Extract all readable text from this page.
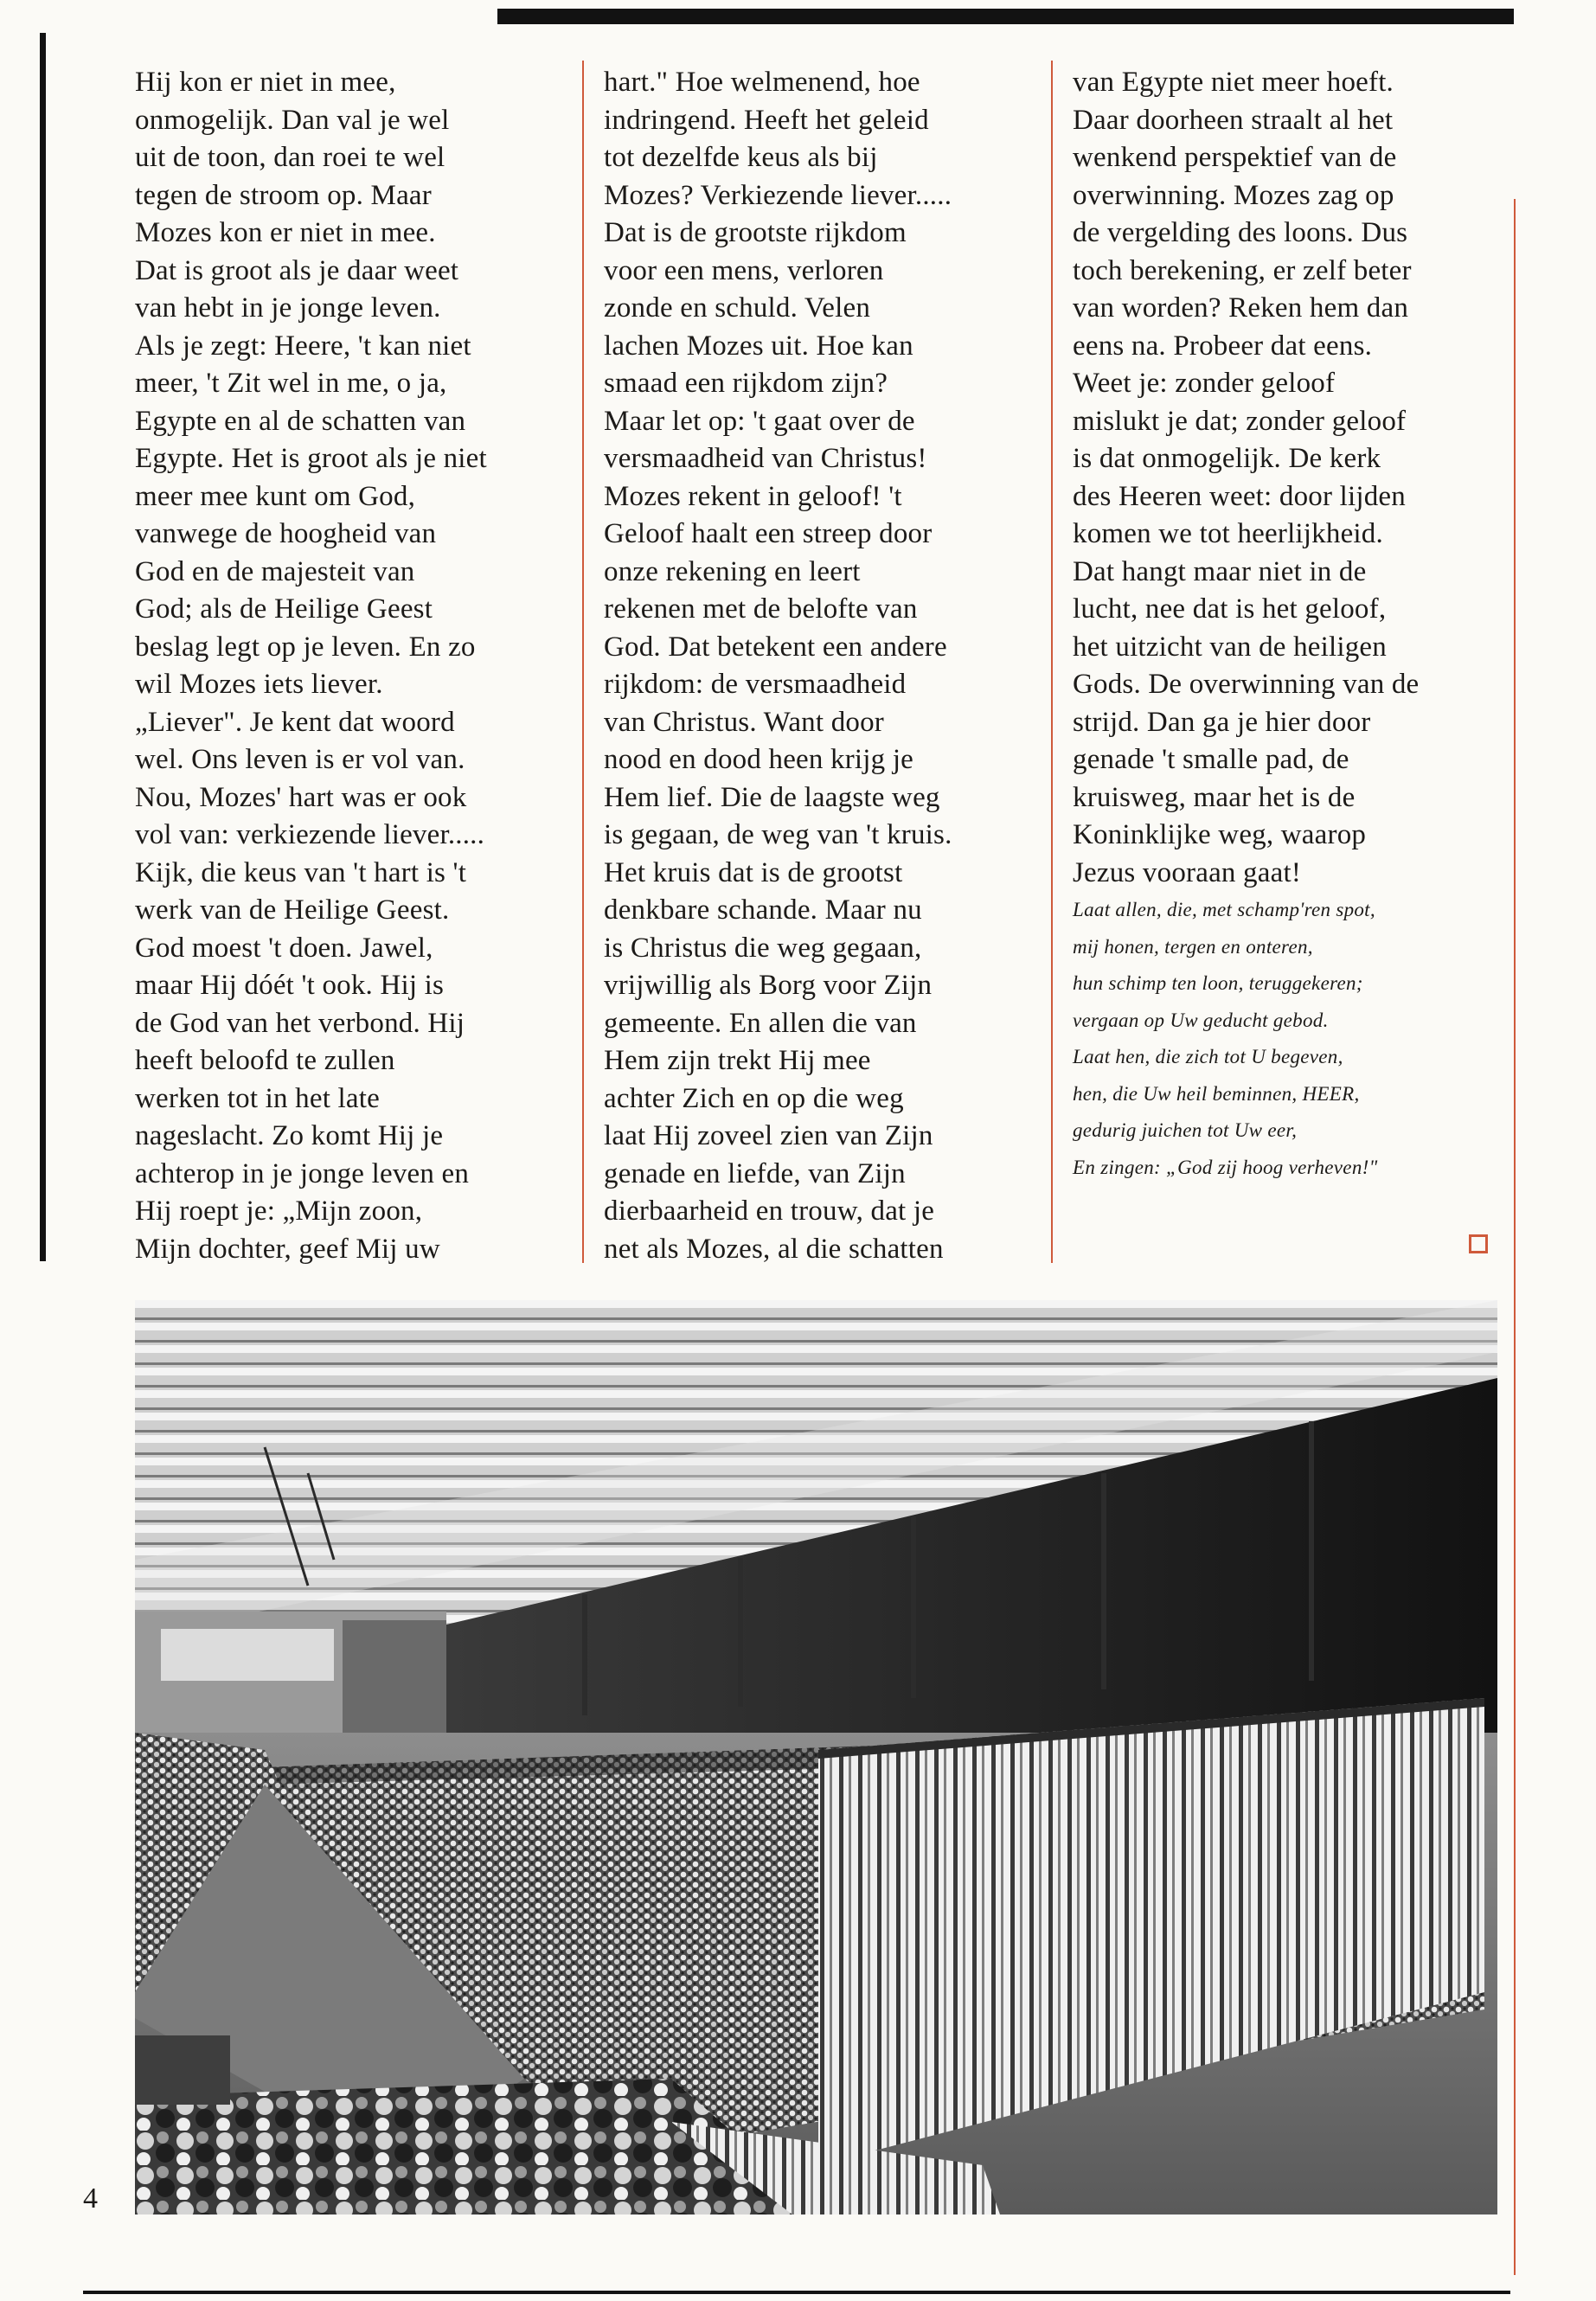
Hij kon er niet in mee,
onmogelijk. Dan val je wel
uit de toon, dan roei te wel
tegen de stroom op. Maar
Mozes kon er niet in mee.
Dat is groot als je daar weet
van hebt in je jonge leven.
Als je zegt: Heere, 't kan niet
meer, 't Zit wel in me, o ja,
Egypte en al de schatten van
Egypte. Het is groot als je niet
meer mee kunt om God,
vanwege de hoogheid van
God en de majesteit van
God; als de Heilige Geest
beslag legt op je leven. En zo
wil Mozes iets liever.
„Liever". Je kent dat woord
wel. Ons leven is er vol van.
Nou, Mozes' hart was er ook
vol van: verkiezende liever.....
Kijk, die keus van 't hart is 't
werk van de Heilige Geest.
God moest 't doen. Jawel,
maar Hij dóét 't ook. Hij is
de God van het verbond. Hij
heeft beloofd te zullen
werken tot in het late
nageslacht. Zo komt Hij je
achterop in je jonge leven en
Hij roept je: „Mijn zoon,
Mijn dochter, geef Mij uw
hart." Hoe welmenend, hoe
indringend. Heeft het geleid
tot dezelfde keus als bij
Mozes? Verkiezende liever.....
Dat is de grootste rijkdom
voor een mens, verloren
zonde en schuld. Velen
lachen Mozes uit. Hoe kan
smaad een rijkdom zijn?
Maar let op: 't gaat over de
versmaadheid van Christus!
Mozes rekent in geloof! 't
Geloof haalt een streep door
onze rekening en leert
rekenen met de belofte van
God. Dat betekent een andere
rijkdom: de versmaadheid
van Christus. Want door
nood en dood heen krijg je
Hem lief. Die de laagste weg
is gegaan, de weg van 't kruis.
Het kruis dat is de grootst
denkbare schande. Maar nu
is Christus die weg gegaan,
vrijwillig als Borg voor Zijn
gemeente. En allen die van
Hem zijn trekt Hij mee
achter Zich en op die weg
laat Hij zoveel zien van Zijn
genade en liefde, van Zijn
dierbaarheid en trouw, dat je
net als Mozes, al die schatten
van Egypte niet meer hoeft.
Daar doorheen straalt al het
wenkend perspektief van de
overwinning. Mozes zag op
de vergelding des loons. Dus
toch berekening, er zelf beter
van worden? Reken hem dan
eens na. Probeer dat eens.
Weet je: zonder geloof
mislukt je dat; zonder geloof
is dat onmogelijk. De kerk
des Heeren weet: door lijden
komen we tot heerlijkheid.
Dat hangt maar niet in de
lucht, nee dat is het geloof,
het uitzicht van de heiligen
Gods. De overwinning van de
strijd. Dan ga je hier door
genade 't smalle pad, de
kruisweg, maar het is de
Koninklijke weg, waarop
Jezus vooraan gaat!
Laat allen, die, met schamp'ren spot,
mij honen, tergen en onteren,
hun schimp ten loon, teruggekeren;
vergaan op Uw geducht gebod.
Laat hen, die zich tot U begeven,
hen, die Uw heil beminnen, HEER,
gedurig juichen tot Uw eer,
En zingen: „God zij hoog verheven!"
4
